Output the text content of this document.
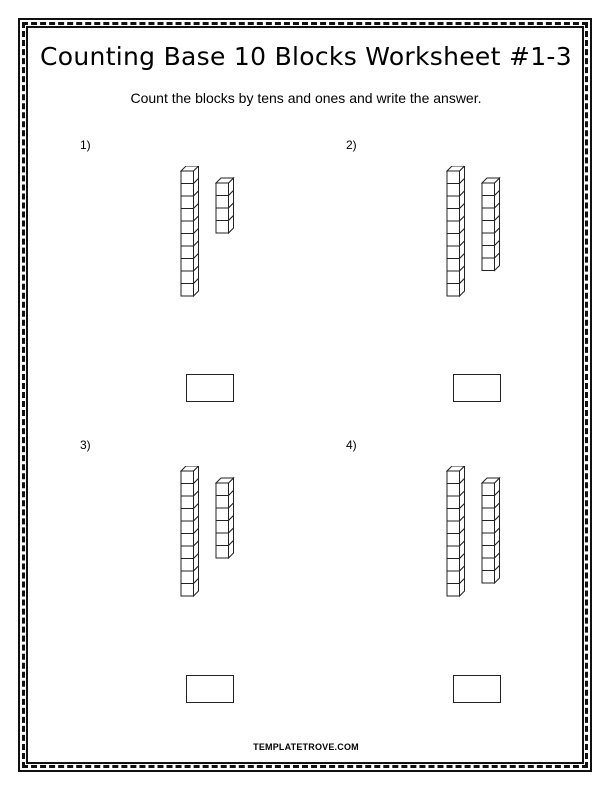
Counting Base 10 Blocks Worksheet #1-3
Count the blocks by tens and ones and write the answer.
1)	2)
3)	4)
TEMPLATETROVE.COM
